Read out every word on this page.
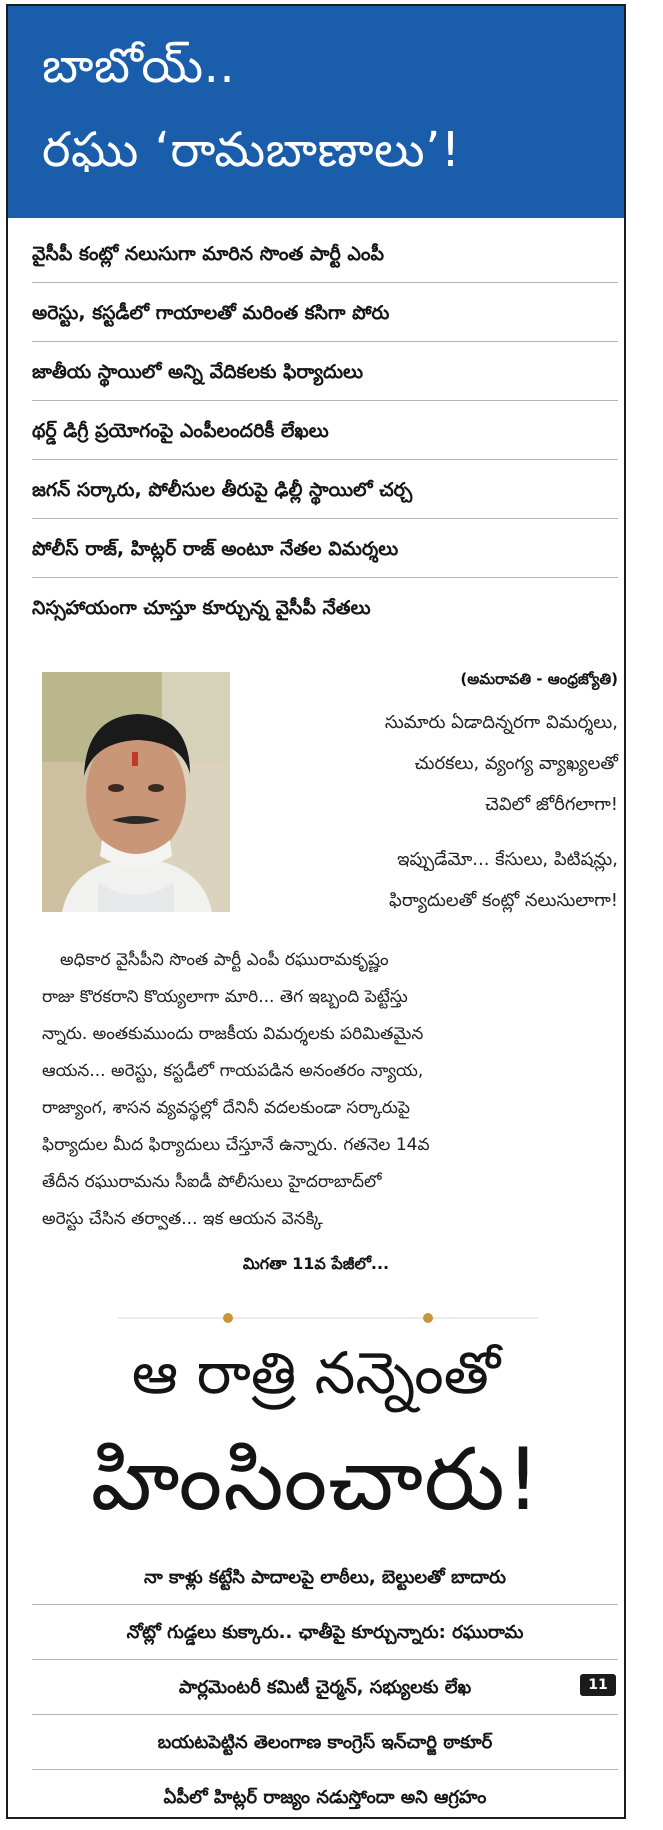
బాబోయ్..
రఘు ‘రామబాణాలు’!
వైసీపీ కంట్లో నలుసుగా మారిన సొంత పార్టీ ఎంపీ
అరెస్టు, కస్టడీలో గాయాలతో మరింత కసిగా పోరు
జాతీయ స్థాయిలో అన్ని వేదికలకు ఫిర్యాదులు
థర్డ్ డిగ్రీ ప్రయోగంపై ఎంపీలందరికీ లేఖలు
జగన్ సర్కారు, పోలీసుల తీరుపై ఢిల్లీ స్థాయిలో చర్చ
పోలీస్ రాజ్, హిట్లర్ రాజ్ అంటూ నేతల విమర్శలు
నిస్సహాయంగా చూస్తూ కూర్చున్న వైసీపీ నేతలు
(అమరావతి - ఆంధ్రజ్యోతి)
సుమారు ఏడాదిన్నరగా విమర్శలు,
చురకలు, వ్యంగ్య వ్యాఖ్యలతో
చెవిలో జోరీగలాగా!
ఇప్పుడేమో... కేసులు, పిటిషన్లు,
ఫిర్యాదులతో కంట్లో నలుసులాగా!
అధికార వైసీపీని సొంత పార్టీ ఎంపీ రఘురామకృష్ణం
రాజు కొరకరాని కొయ్యలాగా మారి... తెగ ఇబ్బంది పెట్టేస్తు
న్నారు. అంతకుముందు రాజకీయ విమర్శలకు పరిమితమైన
ఆయన... అరెస్టు, కస్టడీలో గాయపడిన అనంతరం న్యాయ,
రాజ్యాంగ, శాసన వ్యవస్థల్లో దేనినీ వదలకుండా సర్కారుపై
ఫిర్యాదుల మీద ఫిర్యాదులు చేస్తూనే ఉన్నారు. గతనెల 14వ
తేదీన రఘురామను సీఐడీ పోలీసులు హైదరాబాద్‌లో
అరెస్టు చేసిన తర్వాత... ఇక ఆయన వెనక్కి
మిగతా 11వ పేజీలో...
ఆ రాత్రి నన్నెంతో
హింసించారు!
నా కాళ్లు కట్టేసి పాదాలపై లాఠీలు, బెల్టులతో బాదారు
నోట్లో గుడ్డలు కుక్కారు.. ఛాతీపై కూర్చున్నారు: రఘురామ
పార్లమెంటరీ కమిటీ చైర్మన్, సభ్యులకు లేఖ	11
బయటపెట్టిన తెలంగాణ కాంగ్రెస్ ఇన్‌చార్జి ఠాకూర్
ఏపీలో హిట్లర్ రాజ్యం నడుస్తోందా అని ఆగ్రహం
